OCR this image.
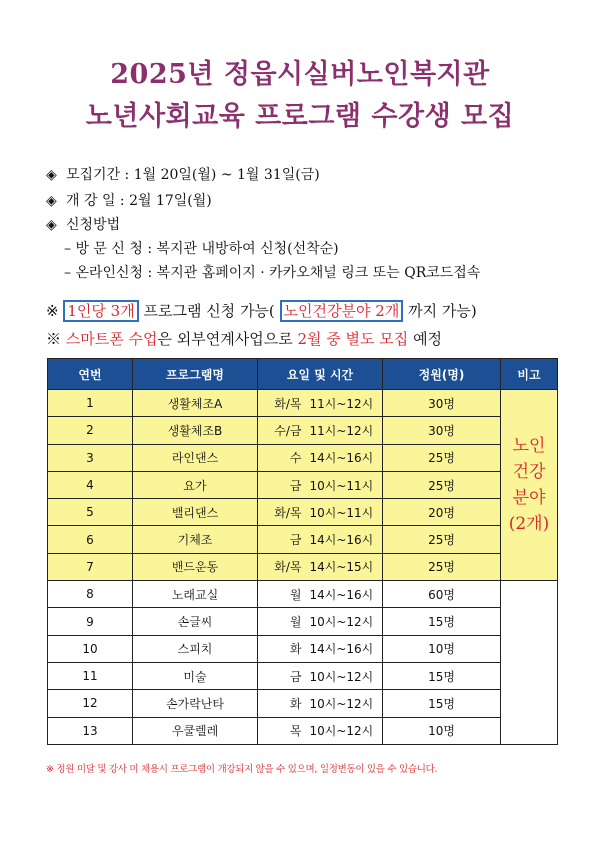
2025년 정읍시실버노인복지관
노년사회교육 프로그램 수강생 모집
◈ 모집기간 : 1월 20일(월) ~ 1월 31일(금)
◈ 개 강 일 : 2월 17일(월)
◈ 신청방법
– 방 문 신 청 : 복지관 내방하여 신청(선착순)
– 온라인신청 : 복지관 홈페이지 · 카카오채널 링크 또는 QR코드접속
※ 1인당 3개 프로그램 신청 가능( 노인건강분야 2개 까지 가능)
※ 스마트폰 수업은 외부연계사업으로 2월 중 별도 모집 예정
연번	프로그램명	요일 및 시간		정원(명)	비고
1	생활체조A	화/목	11시~12시	30명	노인
건강
분야
(2개)

2	생활체조B	수/금	11시~12시	30명	
3	라인댄스	수	14시~16시	25명	
4	요가	금	10시~11시	25명	
5	밸리댄스	화/목	10시~11시	20명	
6	기체조	금	14시~16시	25명	
7	밴드운동	화/목	14시~15시	25명	
8	노래교실	월	14시~16시	60명	
9	손글씨	월	10시~12시	15명	
10	스피치	화	14시~16시	10명	
11	미술	금	10시~12시	15명	
12	손가락난타	화	10시~12시	15명	
13	우쿨렐레	목	10시~12시	10명	
※ 정원 미달 및 강사 미 채용시 프로그램이 개강되지 않을 수 있으며, 일정변동이 있을 수 있습니다.
